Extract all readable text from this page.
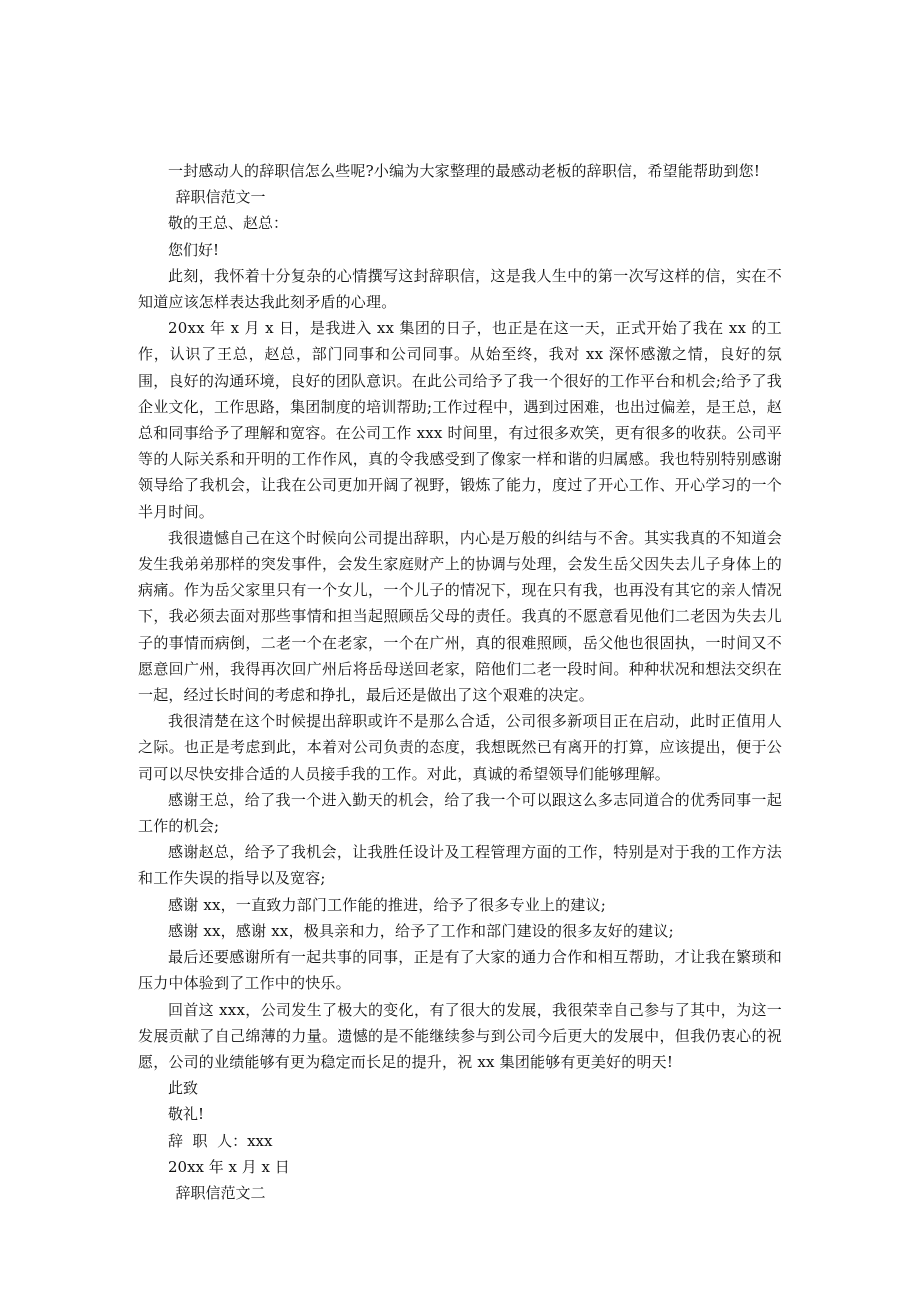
一封感动人的辞职信怎么些呢?小编为大家整理的最感动老板的辞职信，希望能帮助到您!

辞职信范文一

敬的王总、赵总：

您们好!

此刻，我怀着十分复杂的心情撰写这封辞职信，这是我人生中的第一次写这样的信，实在不知道应该怎样表达我此刻矛盾的心理。

20xx 年 x 月 x 日，是我进入 xx 集团的日子，也正是在这一天，正式开始了我在 xx 的工作，认识了王总，赵总，部门同事和公司同事。从始至终，我对 xx 深怀感激之情，良好的氛围，良好的沟通环境，良好的团队意识。在此公司给予了我一个很好的工作平台和机会;给予了我企业文化，工作思路，集团制度的培训帮助;工作过程中，遇到过困难，也出过偏差，是王总，赵总和同事给予了理解和宽容。在公司工作 xxx 时间里，有过很多欢笑，更有很多的收获。公司平等的人际关系和开明的工作作风，真的令我感受到了像家一样和谐的归属感。我也特别特别感谢领导给了我机会，让我在公司更加开阔了视野，锻炼了能力，度过了开心工作、开心学习的一个半月时间。

我很遗憾自己在这个时候向公司提出辞职，内心是万般的纠结与不舍。其实我真的不知道会发生我弟弟那样的突发事件，会发生家庭财产上的协调与处理，会发生岳父因失去儿子身体上的病痛。作为岳父家里只有一个女儿，一个儿子的情况下，现在只有我，也再没有其它的亲人情况下，我必须去面对那些事情和担当起照顾岳父母的责任。我真的不愿意看见他们二老因为失去儿子的事情而病倒，二老一个在老家，一个在广州，真的很难照顾，岳父他也很固执，一时间又不愿意回广州，我得再次回广州后将岳母送回老家，陪他们二老一段时间。种种状况和想法交织在一起，经过长时间的考虑和挣扎，最后还是做出了这个艰难的决定。

我很清楚在这个时候提出辞职或许不是那么合适，公司很多新项目正在启动，此时正值用人之际。也正是考虑到此，本着对公司负责的态度，我想既然已有离开的打算，应该提出，便于公司可以尽快安排合适的人员接手我的工作。对此，真诚的希望领导们能够理解。

感谢王总，给了我一个进入勤天的机会，给了我一个可以跟这么多志同道合的优秀同事一起工作的机会;

感谢赵总，给予了我机会，让我胜任设计及工程管理方面的工作，特别是对于我的工作方法和工作失误的指导以及宽容;

感谢 xx，一直致力部门工作能的推进，给予了很多专业上的建议;

感谢 xx，感谢 xx，极具亲和力，给予了工作和部门建设的很多友好的建议;

最后还要感谢所有一起共事的同事，正是有了大家的通力合作和相互帮助，才让我在繁琐和压力中体验到了工作中的快乐。

回首这 xxx，公司发生了极大的变化，有了很大的发展，我很荣幸自己参与了其中，为这一发展贡献了自己绵薄的力量。遗憾的是不能继续参与到公司今后更大的发展中，但我仍衷心的祝愿，公司的业绩能够有更为稳定而长足的提升，祝 xx 集团能够有更美好的明天!

此致

敬礼!

辞  职  人：xxx

20xx 年 x 月 x 日

辞职信范文二
